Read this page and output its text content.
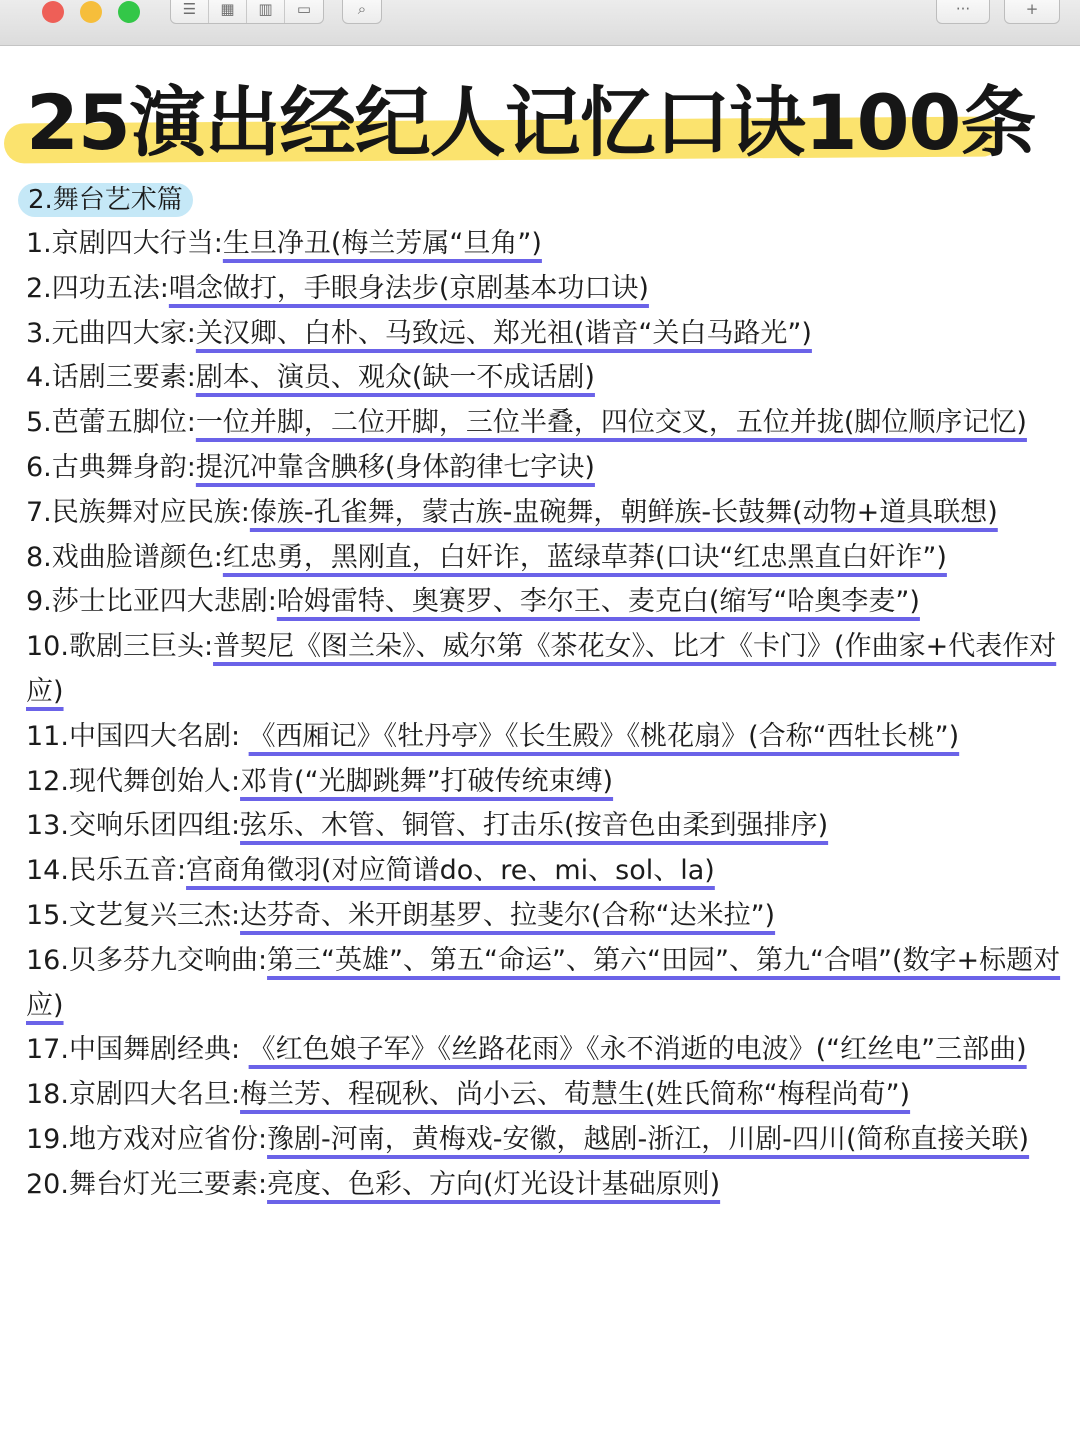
☰	▦	▥	▭	⌕	···	+
25演出经纪人记忆口诀100条
2.舞台艺术篇
1.京剧四大行当:生旦净丑(梅兰芳属“旦角”)
2.四功五法:唱念做打，手眼身法步(京剧基本功口诀)
3.元曲四大家:关汉卿、白朴、马致远、郑光祖(谐音“关白马路光”)
4.话剧三要素:剧本、演员、观众(缺一不成话剧)
5.芭蕾五脚位:一位并脚，二位开脚，三位半叠，四位交叉，五位并拢(脚位顺序记忆)
6.古典舞身韵:提沉冲靠含腆移(身体韵律七字诀)
7.民族舞对应民族:傣族-孔雀舞，蒙古族-盅碗舞，朝鲜族-长鼓舞(动物+道具联想)
8.戏曲脸谱颜色:红忠勇，黑刚直，白奸诈，蓝绿草莽(口诀“红忠黑直白奸诈”)
9.莎士比亚四大悲剧:哈姆雷特、奥赛罗、李尔王、麦克白(缩写“哈奥李麦”)
10.歌剧三巨头:普契尼《图兰朵》、威尔第《茶花女》、比才《卡门》(作曲家+代表作对应)
11.中国四大名剧: 《西厢记》《牡丹亭》《长生殿》《桃花扇》(合称“西牡长桃”)
12.现代舞创始人:邓肯(“光脚跳舞”打破传统束缚)
13.交响乐团四组:弦乐、木管、铜管、打击乐(按音色由柔到强排序)
14.民乐五音:宫商角徵羽(对应简谱do、re、mi、sol、la)
15.文艺复兴三杰:达芬奇、米开朗基罗、拉斐尔(合称“达米拉”)
16.贝多芬九交响曲:第三“英雄”、第五“命运”、第六“田园”、第九“合唱”(数字+标题对应)
17.中国舞剧经典: 《红色娘子军》《丝路花雨》《永不消逝的电波》(“红丝电”三部曲)
18.京剧四大名旦:梅兰芳、程砚秋、尚小云、荀慧生(姓氏简称“梅程尚荀”)
19.地方戏对应省份:豫剧-河南，黄梅戏-安徽，越剧-浙江，川剧-四川(简称直接关联)
20.舞台灯光三要素:亮度、色彩、方向(灯光设计基础原则)
